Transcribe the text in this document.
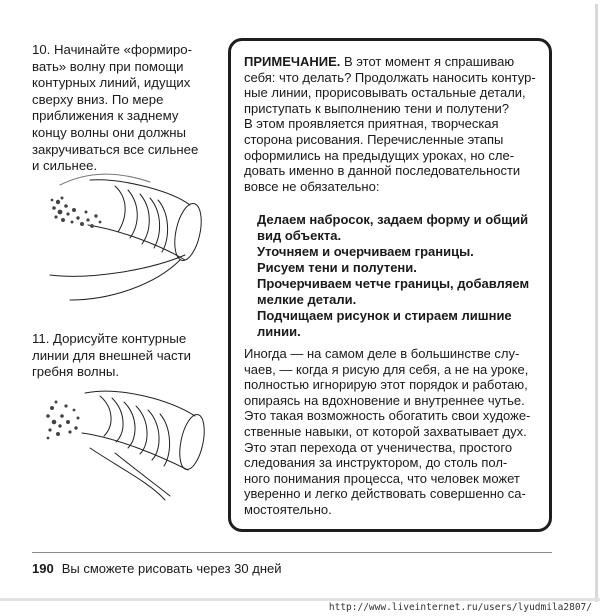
10. Начинайте «формиро-
вать» волну при помощи
контурных линий, идущих
сверху вниз. По мере
приближения к заднему
концу волны они должны
закручиваться все сильнее
и сильнее.
11. Дорисуйте контурные
линии для внешней части
гребня волны.
ПРИМЕЧАНИЕ. В этот момент я спрашиваю
себя: что делать? Продолжать наносить контур-
ные линии, прорисовывать остальные детали,
приступать к выполнению тени и полутени?
В этом проявляется приятная, творческая
сторона рисования. Перечисленные этапы
оформились на предыдущих уроках, но сле-
довать именно в данной последовательности
вовсе не обязательно:
Делаем набросок, задаем форму и общий вид объекта.
Уточняем и очерчиваем границы.
Рисуем тени и полутени.
Прочерчиваем четче границы, добавляем мелкие детали.
Подчищаем рисунок и стираем лишние линии.
Иногда — на самом деле в большинстве слу-
чаев, — когда я рисую для себя, а не на уроке,
полностью игнорирую этот порядок и работаю,
опираясь на вдохновение и внутреннее чутье.
Это такая возможность обогатить свои художе-
ственные навыки, от которой захватывает дух.
Это этап перехода от ученичества, простого
следования за инструктором, до столь пол-
ного понимания процесса, что человек может
уверенно и легко действовать совершенно са-
мостоятельно.
190 Вы сможете рисовать через 30 дней
http://www.liveinternet.ru/users/lyudmila2807/
